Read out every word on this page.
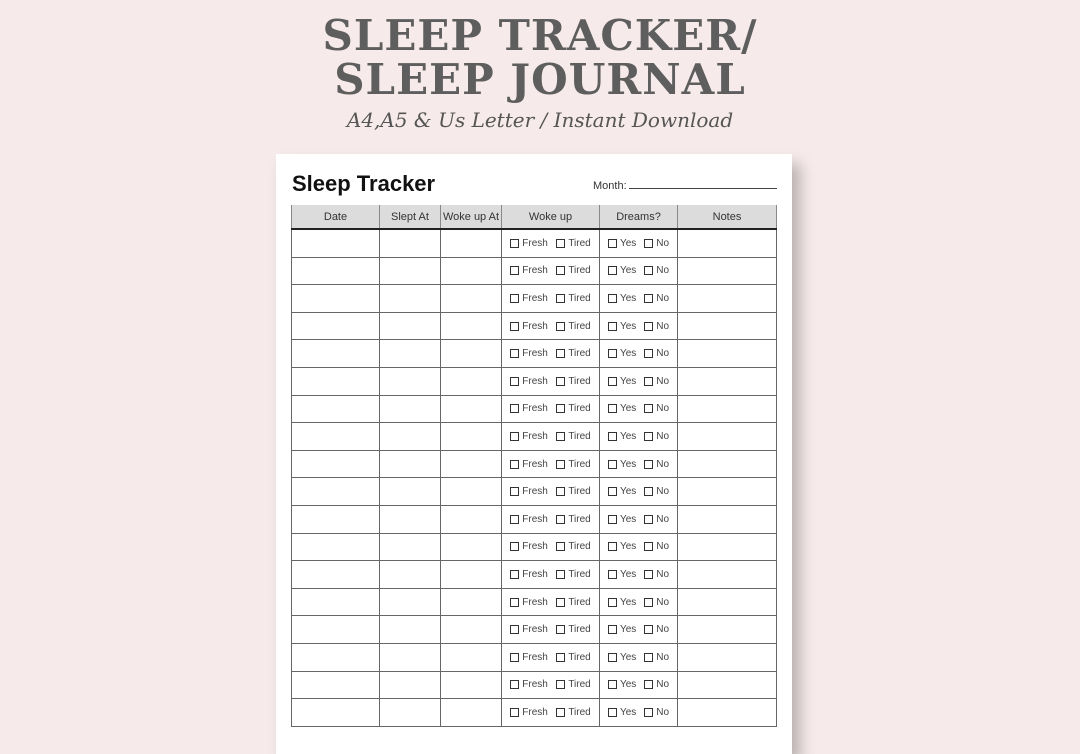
SLEEP TRACKER/
SLEEP JOURNAL
A4,A5 & Us Letter / Instant Download
Sleep Tracker	Month:
Date	Slept At	Woke up At	Woke up	Dreams?	Notes

			Fresh Tired	Yes No	

			Fresh Tired	Yes No	

			Fresh Tired	Yes No	

			Fresh Tired	Yes No	

			Fresh Tired	Yes No	

			Fresh Tired	Yes No	

			Fresh Tired	Yes No	

			Fresh Tired	Yes No	

			Fresh Tired	Yes No	

			Fresh Tired	Yes No	

			Fresh Tired	Yes No	

			Fresh Tired	Yes No	

			Fresh Tired	Yes No	

			Fresh Tired	Yes No	

			Fresh Tired	Yes No	

			Fresh Tired	Yes No	

			Fresh Tired	Yes No	

			Fresh Tired	Yes No	
